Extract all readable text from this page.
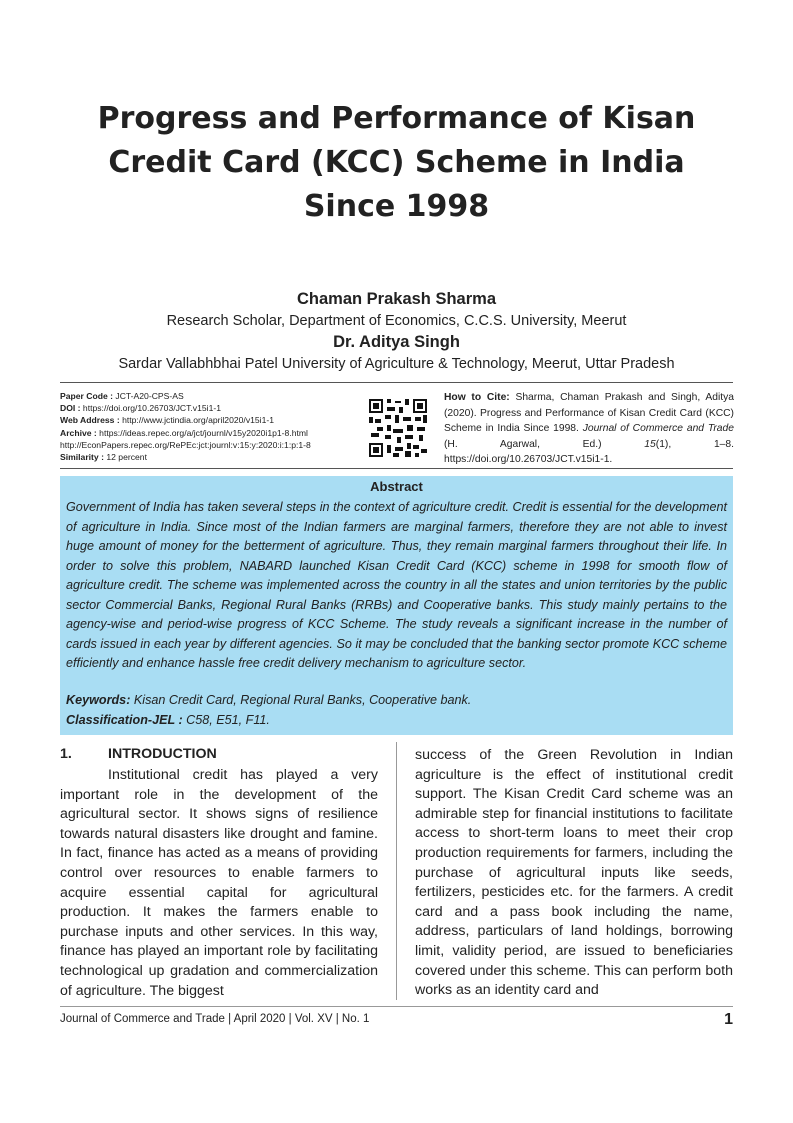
Progress and Performance of Kisan Credit Card (KCC) Scheme in India Since 1998
Chaman Prakash Sharma
Research Scholar, Department of Economics, C.C.S. University, Meerut
Dr. Aditya Singh
Sardar Vallabhbhai Patel University of Agriculture & Technology, Meerut, Uttar Pradesh
Paper Code : JCT-A20-CPS-AS
DOI : https://doi.org/10.26703/JCT.v15i1-1
Web Address : http://www.jctindia.org/april2020/v15i1-1
Archive : https://ideas.repec.org/a/jct/journl/v15y2020i1p1-8.html
http://EconPapers.repec.org/RePEc:jct:journl:v:15:y:2020:i:1:p:1-8
Similarity : 12 percent
How to Cite: Sharma, Chaman Prakash and Singh, Aditya (2020). Progress and Performance of Kisan Credit Card (KCC) Scheme in India Since 1998. Journal of Commerce and Trade (H. Agarwal, Ed.)	15(1), 1–8. https://doi.org/10.26703/JCT.v15i1-1.
Abstract
Government of India has taken several steps in the context of agriculture credit. Credit is essential for the development of agriculture in India. Since most of the Indian farmers are marginal farmers, therefore they are not able to invest huge amount of money for the betterment of agriculture. Thus, they remain marginal farmers throughout their life. In order to solve this problem, NABARD launched Kisan Credit Card (KCC) scheme in 1998 for smooth flow of agriculture credit. The scheme was implemented across the country in all the states and union territories by the public sector Commercial Banks, Regional Rural Banks (RRBs) and Cooperative banks. This study mainly pertains to the agency-wise and period-wise progress of KCC Scheme. The study reveals a significant increase in the number of cards issued in each year by different agencies. So it may be concluded that the banking sector promote KCC scheme efficiently and enhance hassle free credit delivery mechanism to agriculture sector.
Keywords: Kisan Credit Card, Regional Rural Banks, Cooperative bank.
Classification-JEL : C58, E51, F11.
1.	INTRODUCTION
Institutional credit has played a very important role in the development of the agricultural sector. It shows signs of resilience towards natural disasters like drought and famine. In fact, finance has acted as a means of providing control over resources to enable farmers to acquire essential capital for agricultural production. It makes the farmers enable to purchase inputs and other services. In this way, finance has played an important role by facilitating technological up gradation and commercialization of agriculture. The biggest
success of the Green Revolution in Indian agriculture is the effect of institutional credit support. The Kisan Credit Card scheme was an admirable step for financial institutions to facilitate access to short-term loans to meet their crop production requirements for farmers, including the purchase of agricultural inputs like seeds, fertilizers, pesticides etc. for the farmers. A credit card and a pass book including the name, address, particulars of land holdings, borrowing limit, validity period, are issued to beneficiaries covered under this scheme. This can perform both works as an identity card and
Journal of Commerce and Trade | April 2020 | Vol. XV | No. 1	1
